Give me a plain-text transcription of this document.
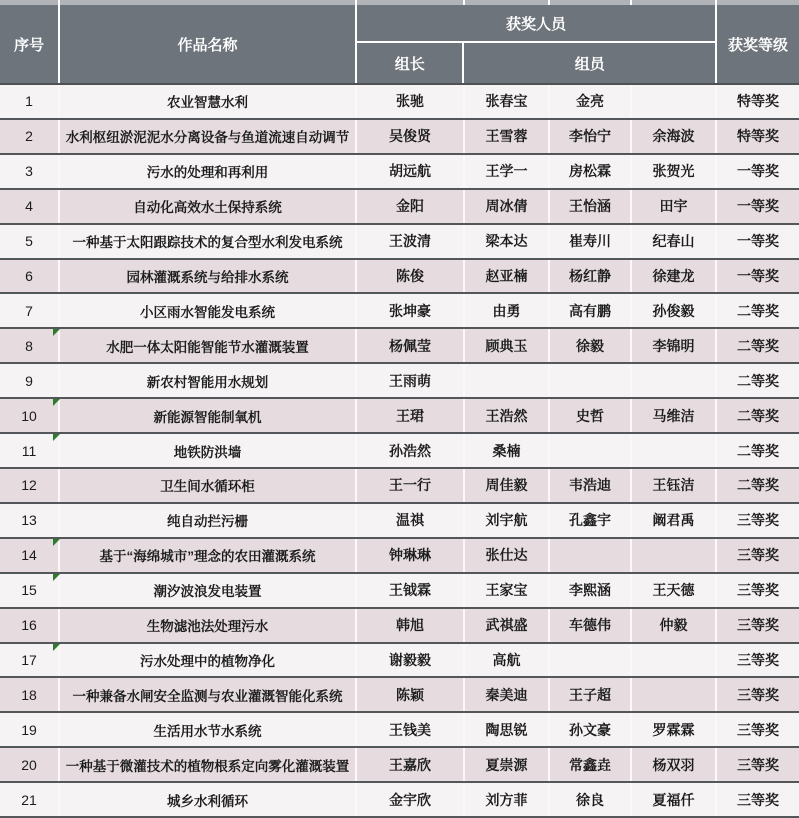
序号	作品名称
获奖人员
组长	组员
获奖等级
1	农业智慧水利	张驰	张春宝	金亮	特等奖
2 水利枢纽淤泥泥水分离设备与鱼道流速自动调节	吴俊贤	王雪蓉	李怡宁	余海波	特等奖
3	污水的处理和再利用	胡远航	王学一	房松霖	张贺光	一等奖
4	自动化高效水土保持系统	金阳	周冰倩	王怡涵	田宇	一等奖
5	一种基于太阳跟踪技术的复合型水利发电系统	王波清	梁本达	崔寿川	纪春山	一等奖
6	园林灌溉系统与给排水系统	陈俊	赵亚楠	杨红静	徐建龙	一等奖
7	小区雨水智能发电系统	张坤豪	由勇	高有鹏	孙俊毅	二等奖
8	水肥一体太阳能智能节水灌溉装置	杨佩莹	顾典玉	徐毅	李锦明	二等奖
9	新农村智能用水规划	王雨萌	二等奖
10	新能源智能制氧机	王珺	王浩然	史哲	马维洁	二等奖
11	地铁防洪墙	孙浩然	桑楠	二等奖
12	卫生间水循环柜	王一行	周佳毅	韦浩迪	王钰洁	二等奖
13	纯自动拦污栅	温祺	刘宇航	孔鑫宇	阚君禹	三等奖
14	基于“海绵城市”理念的农田灌溉系统	钟琳琳	张仕达	三等奖
15	潮汐波浪发电装置	王钺霖	王家宝	李熙涵	王天德	三等奖
16	生物滤池法处理污水	韩旭	武祺盛	车德伟	仲毅	三等奖
17	污水处理中的植物净化	谢毅毅	高航	三等奖
18	一种兼备水闸安全监测与农业灌溉智能化系统	陈颖	秦美迪	王子超	三等奖
19	生活用水节水系统	王钱美	陶思锐	孙文豪	罗霖霖	三等奖
20 一种基于微灌技术的植物根系定向雾化灌溉装置	王嘉欣	夏崇源	常鑫垚	杨双羽	三等奖
21	城乡水利循环	金宇欣	刘方菲	徐良	夏福仟	三等奖
